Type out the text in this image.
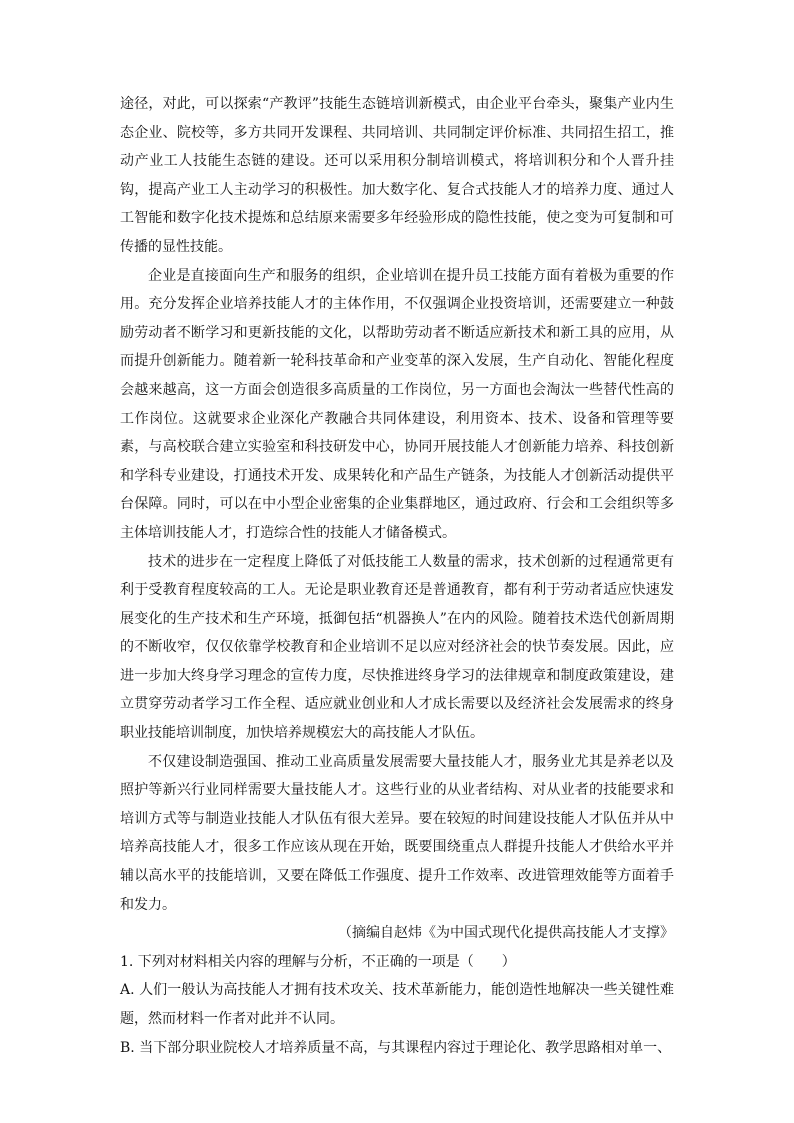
途径，对此，可以探索“产教评”技能生态链培训新模式，由企业平台牵头，聚集产业内生态企业、院校等，多方共同开发课程、共同培训、共同制定评价标准、共同招生招工，推动产业工人技能生态链的建设。还可以采用积分制培训模式，将培训积分和个人晋升挂钩，提高产业工人主动学习的积极性。加大数字化、复合式技能人才的培养力度、通过人工智能和数字化技术提炼和总结原来需要多年经验形成的隐性技能，使之变为可复制和可传播的显性技能。

企业是直接面向生产和服务的组织，企业培训在提升员工技能方面有着极为重要的作用。充分发挥企业培养技能人才的主体作用，不仅强调企业投资培训，还需要建立一种鼓励劳动者不断学习和更新技能的文化，以帮助劳动者不断适应新技术和新工具的应用，从而提升创新能力。随着新一轮科技革命和产业变革的深入发展，生产自动化、智能化程度会越来越高，这一方面会创造很多高质量的工作岗位，另一方面也会淘汰一些替代性高的工作岗位。这就要求企业深化产教融合共同体建设，利用资本、技术、设备和管理等要素，与高校联合建立实验室和科技研发中心，协同开展技能人才创新能力培养、科技创新和学科专业建设，打通技术开发、成果转化和产品生产链条，为技能人才创新活动提供平台保障。同时，可以在中小型企业密集的企业集群地区，通过政府、行会和工会组织等多主体培训技能人才，打造综合性的技能人才储备模式。

技术的进步在一定程度上降低了对低技能工人数量的需求，技术创新的过程通常更有利于受教育程度较高的工人。无论是职业教育还是普通教育，都有利于劳动者适应快速发展变化的生产技术和生产环境，抵御包括“机器换人”在内的风险。随着技术迭代创新周期的不断收窄，仅仅依靠学校教育和企业培训不足以应对经济社会的快节奏发展。因此，应进一步加大终身学习理念的宣传力度，尽快推进终身学习的法律规章和制度政策建设，建立贯穿劳动者学习工作全程、适应就业创业和人才成长需要以及经济社会发展需求的终身职业技能培训制度，加快培养规模宏大的高技能人才队伍。

不仅建设制造强国、推动工业高质量发展需要大量技能人才，服务业尤其是养老以及照护等新兴行业同样需要大量技能人才。这些行业的从业者结构、对从业者的技能要求和培训方式等与制造业技能人才队伍有很大差异。要在较短的时间建设技能人才队伍并从中培养高技能人才，很多工作应该从现在开始，既要围绕重点人群提升技能人才供给水平并辅以高水平的技能培训，又要在降低工作强度、提升工作效率、改进管理效能等方面着手和发力。

（摘编自赵炜《为中国式现代化提供高技能人才支撑》

1. 下列对材料相关内容的理解与分析，不正确的一项是（　　）

A. 人们一般认为高技能人才拥有技术攻关、技术革新能力，能创造性地解决一些关键性难题，然而材料一作者对此并不认同。

B. 当下部分职业院校人才培养质量不高，与其课程内容过于理论化、教学思路相对单一、
